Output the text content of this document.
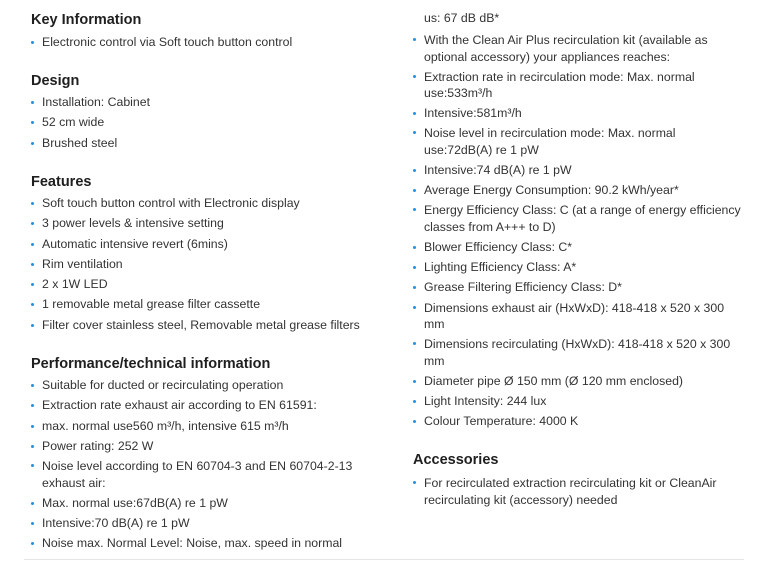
Key Information
Electronic control via Soft touch button control
Design
Installation: Cabinet
52 cm wide
Brushed steel
Features
Soft touch button control with Electronic display
3 power levels & intensive setting
Automatic intensive revert (6mins)
Rim ventilation
2 x 1W LED
1 removable metal grease filter cassette
Filter cover stainless steel, Removable metal grease filters
Performance/technical information
Suitable for ducted or recirculating operation
Extraction rate exhaust air according to EN 61591:
max. normal use560 m³/h, intensive 615 m³/h
Power rating: 252 W
Noise level according to EN 60704-3 and EN 60704-2-13 exhaust air:
Max. normal use:67dB(A) re 1 pW
Intensive:70 dB(A) re 1 pW
Noise max. Normal Level: Noise, max. speed in normal
us: 67 dB dB*
With the Clean Air Plus recirculation kit (available as optional accessory) your appliances reaches:
Extraction rate in recirculation mode: Max. normal use:533m³/h
Intensive:581m³/h
Noise level in recirculation mode: Max. normal use:72dB(A) re 1 pW
Intensive:74 dB(A) re 1 pW
Average Energy Consumption: 90.2 kWh/year*
Energy Efficiency Class: C (at a range of energy efficiency classes from A+++ to D)
Blower Efficiency Class: C*
Lighting Efficiency Class: A*
Grease Filtering Efficiency Class: D*
Dimensions exhaust air (HxWxD): 418-418 x 520 x 300 mm
Dimensions recirculating (HxWxD): 418-418 x 520 x 300 mm
Diameter pipe Ø 150 mm (Ø 120 mm enclosed)
Light Intensity: 244 lux
Colour Temperature: 4000 K
Accessories
For recirculated extraction recirculating kit or CleanAir recirculating kit (accessory) needed
